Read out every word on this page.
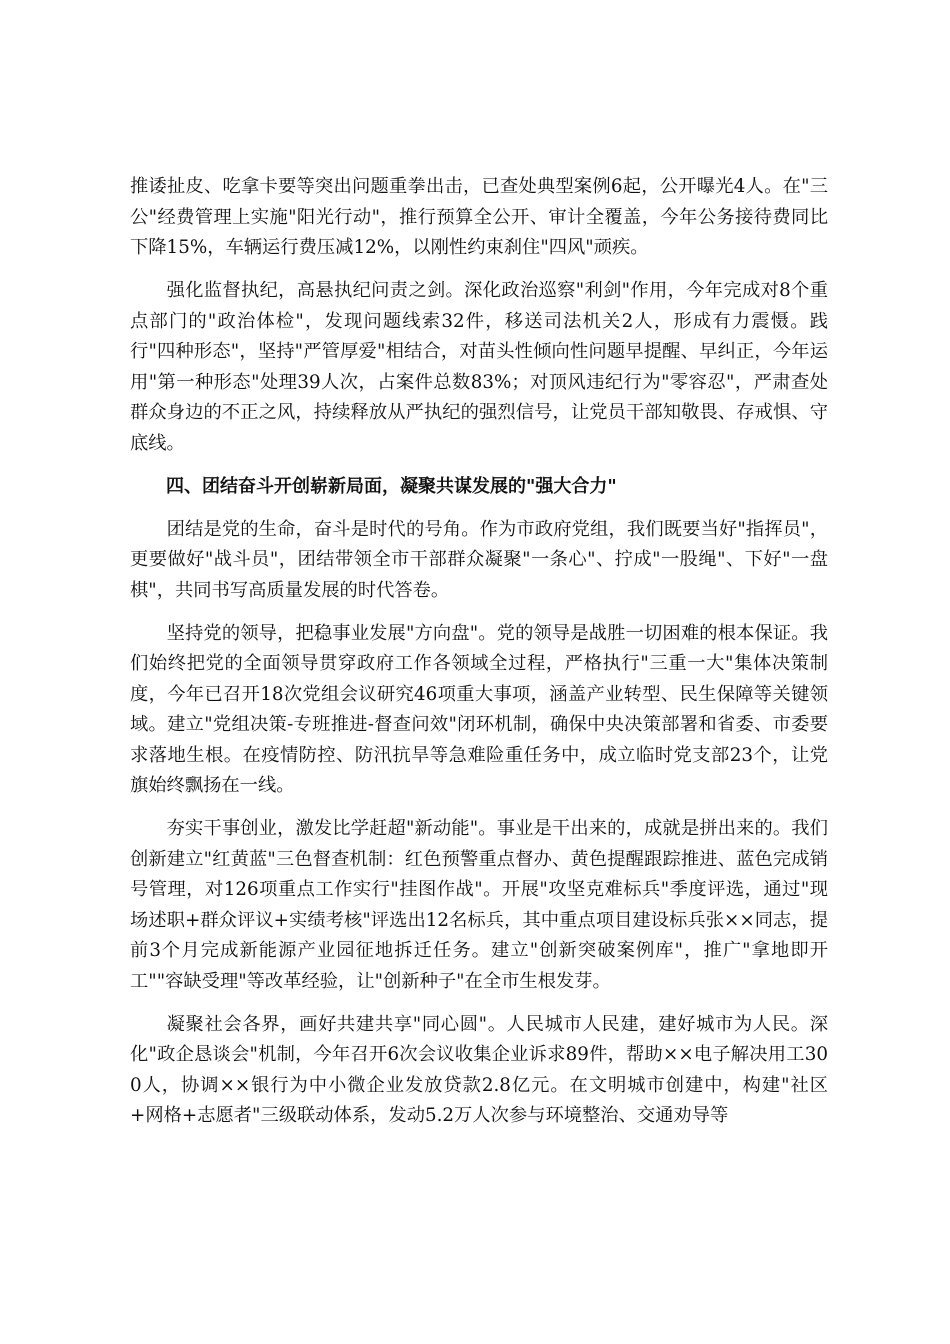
推诿扯皮、吃拿卡要等突出问题重拳出击，已查处典型案例6起，公开曝光4人。在"三公"经费管理上实施"阳光行动"，推行预算全公开、审计全覆盖，今年公务接待费同比下降15%，车辆运行费压减12%，以刚性约束刹住"四风"顽疾。

强化监督执纪，高悬执纪问责之剑。深化政治巡察"利剑"作用，今年完成对8个重点部门的"政治体检"，发现问题线索32件，移送司法机关2人，形成有力震慑。践行"四种形态"，坚持"严管厚爱"相结合，对苗头性倾向性问题早提醒、早纠正，今年运用"第一种形态"处理39人次，占案件总数83%；对顶风违纪行为"零容忍"，严肃查处群众身边的不正之风，持续释放从严执纪的强烈信号，让党员干部知敬畏、存戒惧、守底线。

四、团结奋斗开创崭新局面，凝聚共谋发展的"强大合力"

团结是党的生命，奋斗是时代的号角。作为市政府党组，我们既要当好"指挥员"，更要做好"战斗员"，团结带领全市干部群众凝聚"一条心"、拧成"一股绳"、下好"一盘棋"，共同书写高质量发展的时代答卷。

坚持党的领导，把稳事业发展"方向盘"。党的领导是战胜一切困难的根本保证。我们始终把党的全面领导贯穿政府工作各领域全过程，严格执行"三重一大"集体决策制度，今年已召开18次党组会议研究46项重大事项，涵盖产业转型、民生保障等关键领域。建立"党组决策-专班推进-督查问效"闭环机制，确保中央决策部署和省委、市委要求落地生根。在疫情防控、防汛抗旱等急难险重任务中，成立临时党支部23个，让党旗始终飘扬在一线。

夯实干事创业，激发比学赶超"新动能"。事业是干出来的，成就是拼出来的。我们创新建立"红黄蓝"三色督查机制：红色预警重点督办、黄色提醒跟踪推进、蓝色完成销号管理，对126项重点工作实行"挂图作战"。开展"攻坚克难标兵"季度评选，通过"现场述职+群众评议+实绩考核"评选出12名标兵，其中重点项目建设标兵张××同志，提前3个月完成新能源产业园征地拆迁任务。建立"创新突破案例库"，推广"拿地即开工""容缺受理"等改革经验，让"创新种子"在全市生根发芽。

凝聚社会各界，画好共建共享"同心圆"。人民城市人民建，建好城市为人民。深化"政企恳谈会"机制，今年召开6次会议收集企业诉求89件，帮助××电子解决用工300人，协调××银行为中小微企业发放贷款2.8亿元。在文明城市创建中，构建"社区+网格+志愿者"三级联动体系，发动5.2万人次参与环境整治、交通劝导等
